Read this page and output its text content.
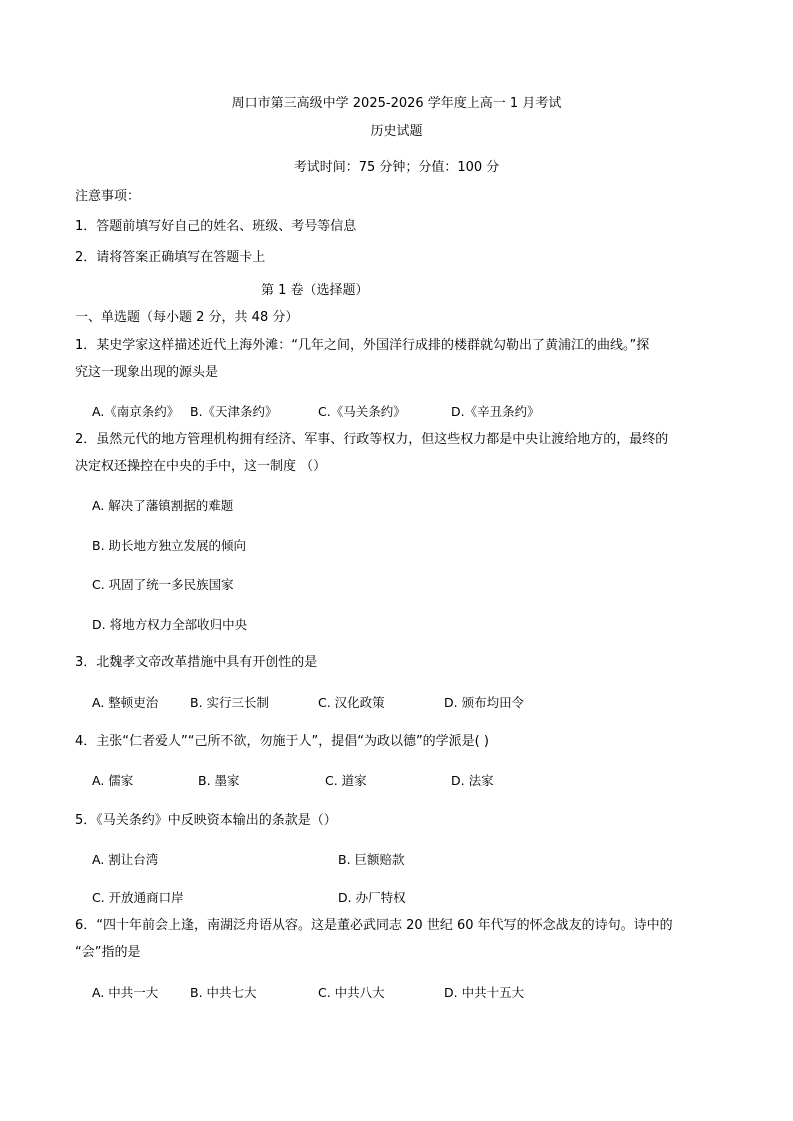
周口市第三高级中学 2025-2026 学年度上高一 1 月考试
历史试题
考试时间：75 分钟；分值：100 分
注意事项：
1．答题前填写好自己的姓名、班级、考号等信息
2．请将答案正确填写在答题卡上
第 1 卷（选择题）
一、单选题（每小题 2 分，共 48 分）
1．某史学家这样描述近代上海外滩：“几年之间，外国洋行成排的楼群就勾勒出了黄浦江的曲线。”探
究这一现象出现的源头是
A.《南京条约》 B.《天津条约》	C.《马关条约》	D.《辛丑条约》
2．虽然元代的地方管理机构拥有经济、军事、行政等权力，但这些权力都是中央让渡给地方的，最终的
决定权还操控在中央的手中，这一制度 （）
A. 解决了藩镇割据的难题
B. 助长地方独立发展的倾向
C. 巩固了统一多民族国家
D. 将地方权力全部收归中央
3．北魏孝文帝改革措施中具有开创性的是
A. 整顿吏治	B. 实行三长制	C. 汉化政策	D. 颁布均田令
4．主张“仁者爱人”“己所不欲，勿施于人”，提倡“为政以德”的学派是( )
A. 儒家	B. 墨家	C. 道家	D. 法家
5．《马关条约》中反映资本输出的条款是（）
A. 割让台湾	B. 巨额赔款
C. 开放通商口岸	D. 办厂特权
6．“四十年前会上逢，南湖泛舟语从容。这是董必武同志 20 世纪 60 年代写的怀念战友的诗句。诗中的
“会”指的是
A. 中共一大	B. 中共七大	C. 中共八大	D. 中共十五大
